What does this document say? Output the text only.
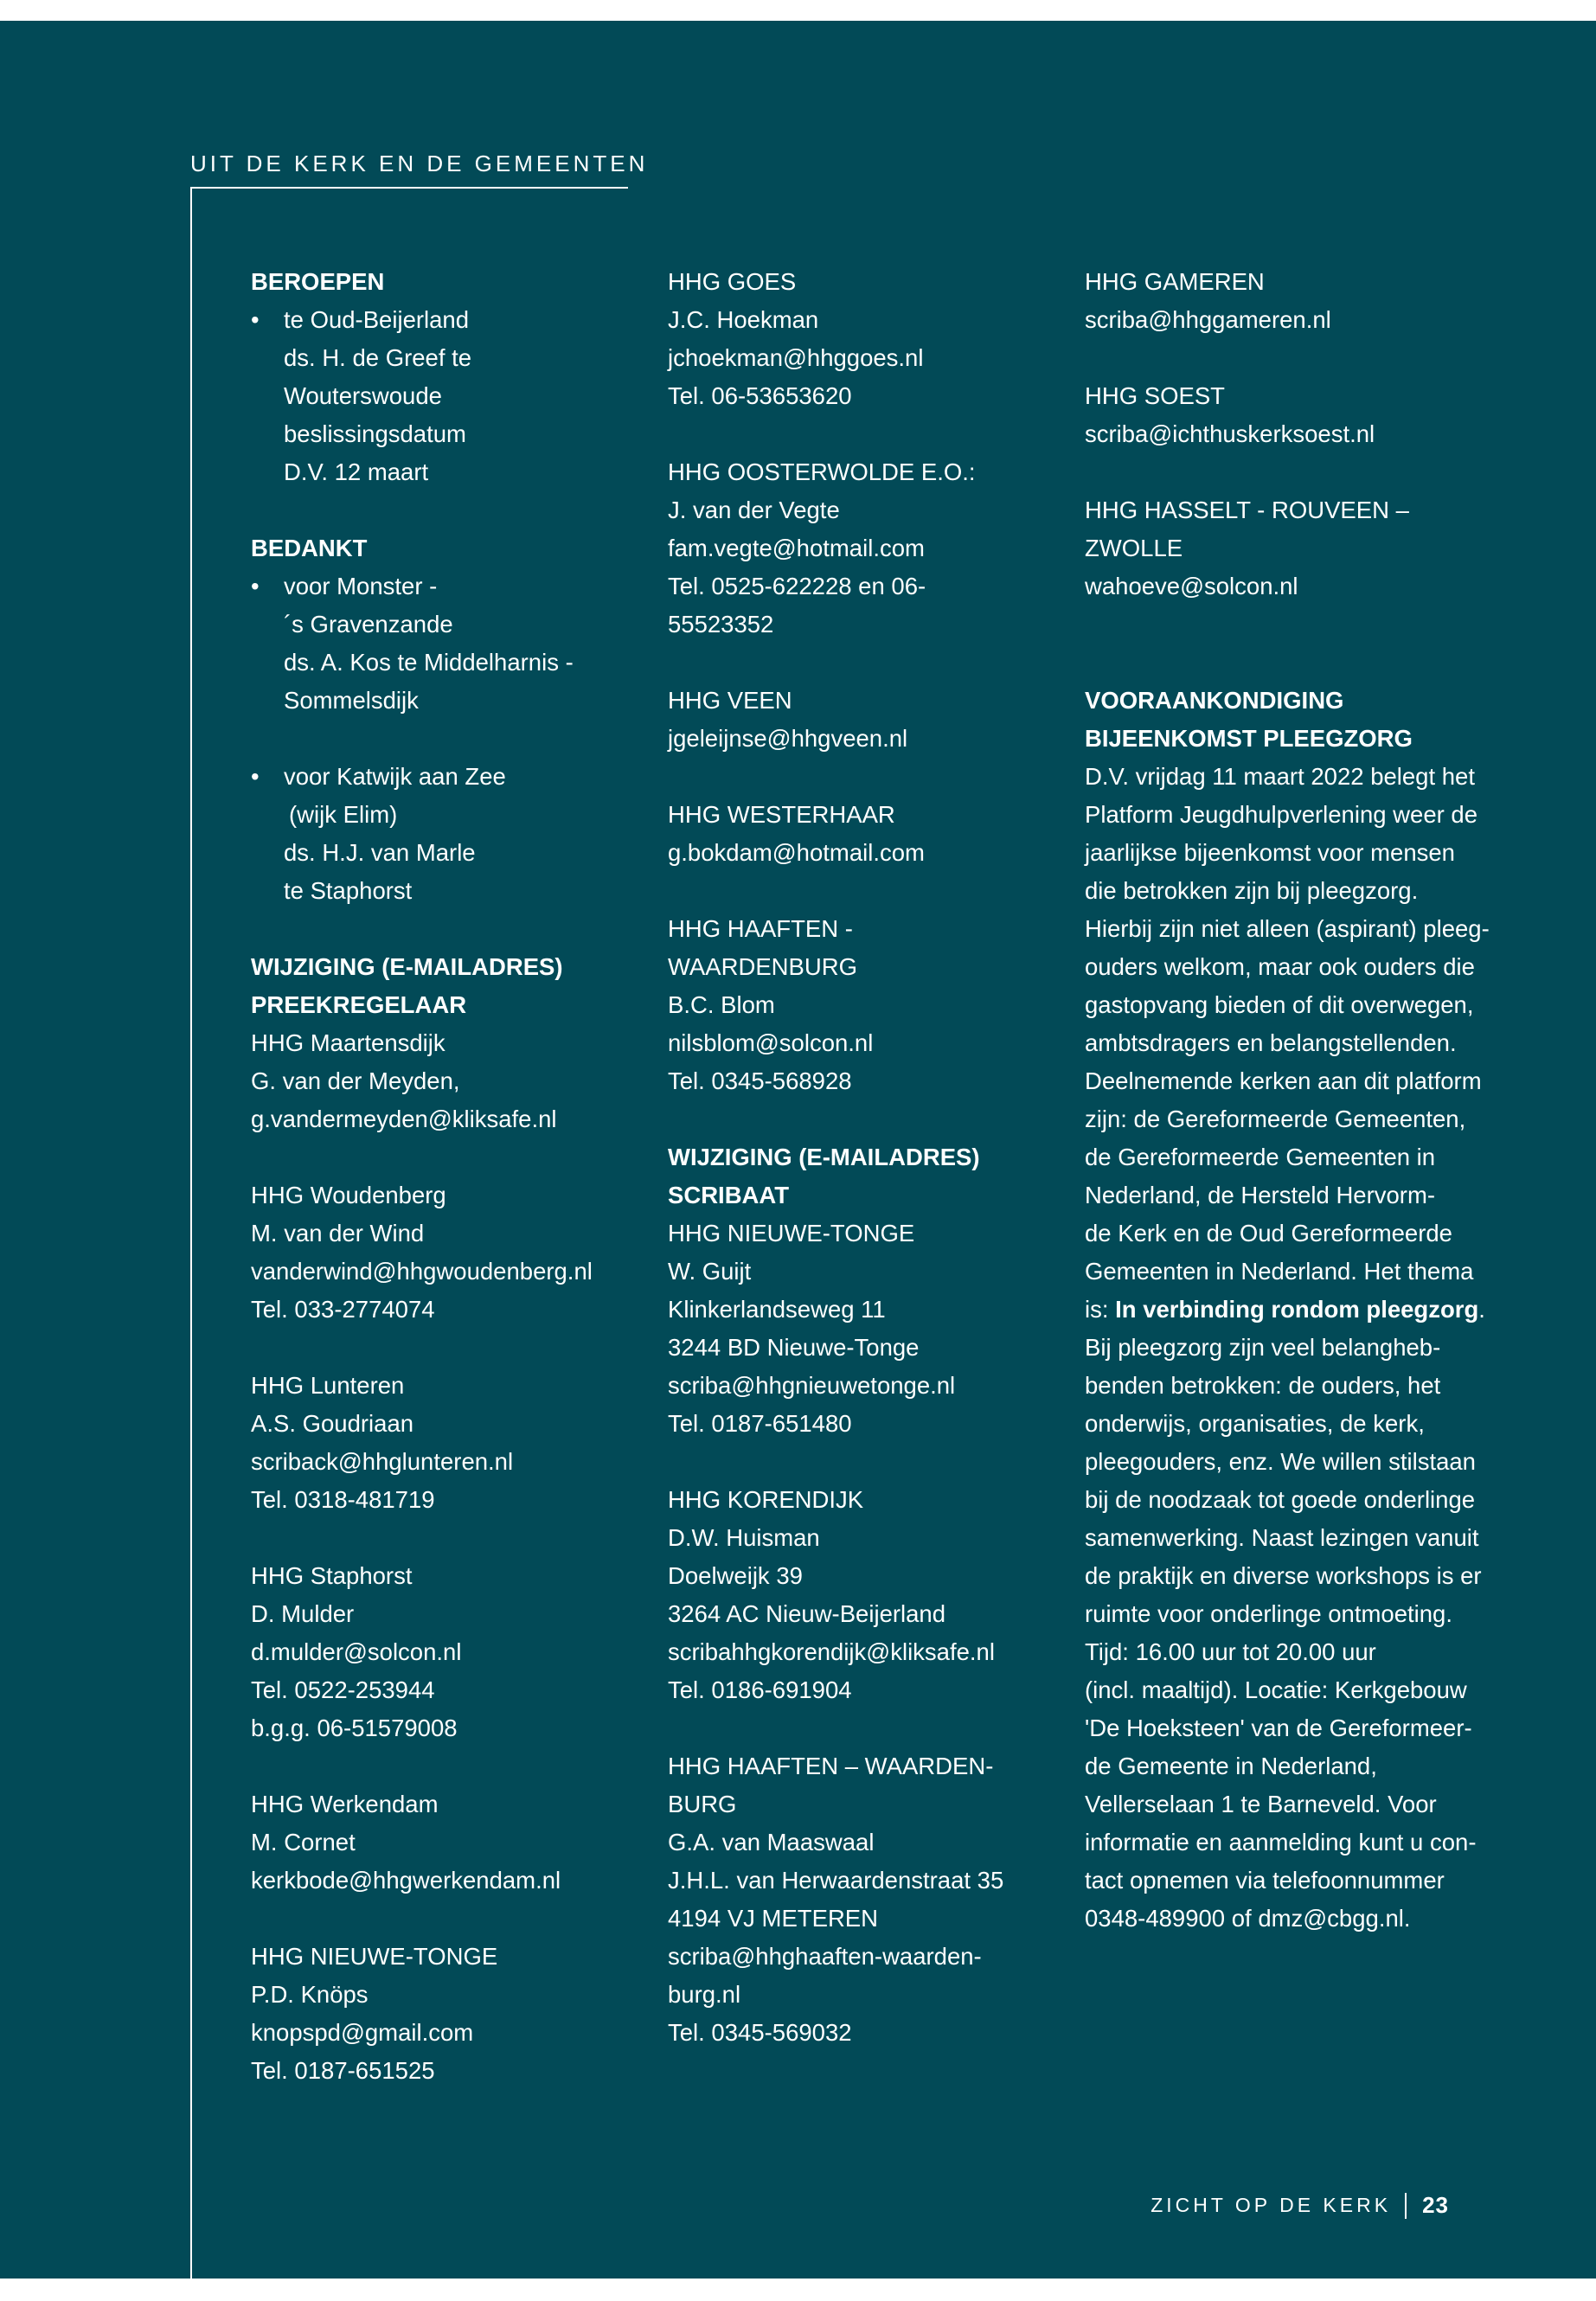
UIT DE KERK EN DE GEMEENTEN
BEROEPEN
• te Oud-Beijerland
ds. H. de Greef te
Wouterswoude
beslissingsdatum
D.V. 12 maart
BEDANKT
• voor Monster -
´s Gravenzande
ds. A. Kos te Middelharnis -
Sommelsdijk
• voor Katwijk aan Zee
(wijk Elim)
ds. H.J. van Marle
te Staphorst
WIJZIGING (E-MAILADRES)
PREEKREGELAAR
HHG Maartensdijk
G. van der Meyden,
g.vandermeyden@kliksafe.nl
HHG Woudenberg
M. van der Wind
vanderwind@hhgwoudenberg.nl
Tel. 033-2774074
HHG Lunteren
A.S. Goudriaan
scriback@hhglunteren.nl
Tel. 0318-481719
HHG Staphorst
D. Mulder
d.mulder@solcon.nl
Tel. 0522-253944
b.g.g. 06-51579008
HHG Werkendam
M. Cornet
kerkbode@hhgwerkendam.nl
HHG NIEUWE-TONGE
P.D. Knöps
knopspd@gmail.com
Tel. 0187-651525
HHG GOES
J.C. Hoekman
jchoekman@hhggoes.nl
Tel. 06-53653620
HHG OOSTERWOLDE E.O.:
J. van der Vegte
fam.vegte@hotmail.com
Tel. 0525-622228 en 06-
55523352
HHG VEEN
jgeleijnse@hhgveen.nl
HHG WESTERHAAR
g.bokdam@hotmail.com
HHG HAAFTEN -
WAARDENBURG
B.C. Blom
nilsblom@solcon.nl
Tel. 0345-568928
WIJZIGING (E-MAILADRES)
SCRIBAAT
HHG NIEUWE-TONGE
W. Guijt
Klinkerlandseweg 11
3244 BD Nieuwe-Tonge
scriba@hhgnieuwetonge.nl
Tel. 0187-651480
HHG KORENDIJK
D.W. Huisman
Doelweijk 39
3264 AC Nieuw-Beijerland
scribahhgkorendijk@kliksafe.nl
Tel. 0186-691904
HHG HAAFTEN – WAARDEN-
BURG
G.A. van Maaswaal
J.H.L. van Herwaardenstraat 35
4194 VJ METEREN
scriba@hhghaaften-waarden-
burg.nl
Tel. 0345-569032
HHG GAMEREN
scriba@hhggameren.nl
HHG SOEST
scriba@ichthuskerksoest.nl
HHG HASSELT - ROUVEEN –
ZWOLLE
wahoeve@solcon.nl
VOORAANKONDIGING
BIJEENKOMST PLEEGZORG
D.V. vrijdag 11 maart 2022 belegt het
Platform Jeugdhulpverlening weer de
jaarlijkse bijeenkomst voor mensen
die betrokken zijn bij pleegzorg.
Hierbij zijn niet alleen (aspirant) pleeg-
ouders welkom, maar ook ouders die
gastopvang bieden of dit overwegen,
ambtsdragers en belangstellenden.
Deelnemende kerken aan dit platform
zijn: de Gereformeerde Gemeenten,
de Gereformeerde Gemeenten in
Nederland, de Hersteld Hervorm-
de Kerk en de Oud Gereformeerde
Gemeenten in Nederland. Het thema
is: In verbinding rondom pleegzorg.
Bij pleegzorg zijn veel belangheb-
benden betrokken: de ouders, het
onderwijs, organisaties, de kerk,
pleegouders, enz. We willen stilstaan
bij de noodzaak tot goede onderlinge
samenwerking. Naast lezingen vanuit
de praktijk en diverse workshops is er
ruimte voor onderlinge ontmoeting.
Tijd: 16.00 uur tot 20.00 uur
(incl. maaltijd). Locatie: Kerkgebouw
'De Hoeksteen' van de Gereformeer-
de Gemeente in Nederland,
Vellerselaan 1 te Barneveld. Voor
informatie en aanmelding kunt u con-
tact opnemen via telefoonnummer
0348-489900 of dmz@cbgg.nl.
ZICHT OP DE KERK 23
